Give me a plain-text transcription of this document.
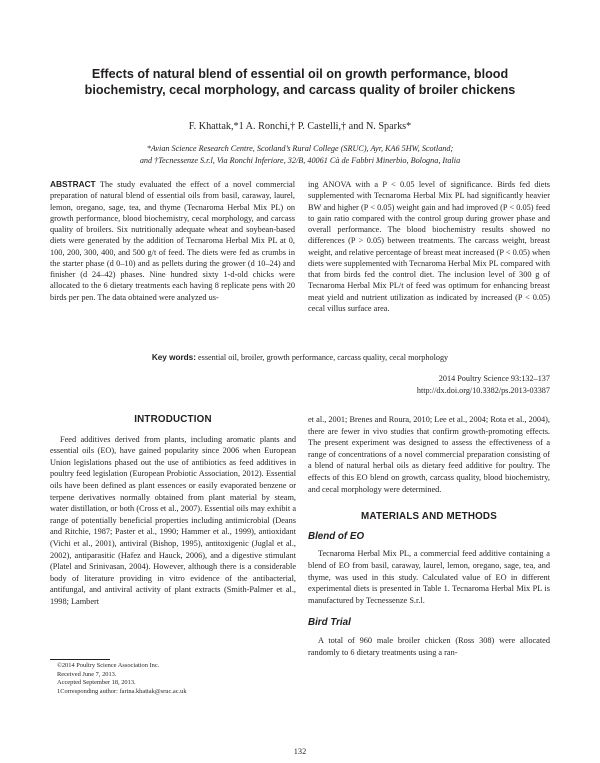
Effects of natural blend of essential oil on growth performance, blood
biochemistry, cecal morphology, and carcass quality of broiler chickens
F. Khattak,*1 A. Ronchi,† P. Castelli,† and N. Sparks*
*Avian Science Research Centre, Scotland’s Rural College (SRUC), Ayr, KA6 5HW, Scotland;
and †Tecnessenze S.r.l, Via Ronchi Inferiore, 32/B, 40061 Cà de Fabbri Minerbio, Bologna, Italia
ABSTRACT The study evaluated the effect of a novel commercial preparation of natural blend of essential oils from basil, caraway, laurel, lemon, oregano, sage, tea, and thyme (Tecnaroma Herbal Mix PL) on growth performance, blood biochemistry, cecal morphology, and carcass quality of broilers. Six nutritionally adequate wheat and soybean-based diets were generated by the addition of Tecnaroma Herbal Mix PL at 0, 100, 200, 300, 400, and 500 g/t of feed. The diets were fed as crumbs in the starter phase (d 0–10) and as pellets during the grower (d 10–24) and finisher (d 24–42) phases. Nine hundred sixty 1-d-old chicks were allocated to the 6 dietary treatments each having 8 replicate pens with 20 birds per pen. The data obtained were analyzed us-
ing ANOVA with a P < 0.05 level of significance. Birds fed diets supplemented with Tecnaroma Herbal Mix PL had significantly heavier BW and higher (P < 0.05) weight gain and had improved (P < 0.05) feed to gain ratio compared with the control group during grower phase and overall performance. The blood biochemistry results showed no differences (P > 0.05) between treatments. The carcass weight, breast weight, and relative percentage of breast meat increased (P < 0.05) when diets were supplemented with Tecnaroma Herbal Mix PL compared with that from birds fed the control diet. The inclusion level of 300 g of Tecnaroma Herbal Mix PL/t of feed was optimum for enhancing breast meat yield and nutrient utilization as indicated by increased (P < 0.05) cecal villus surface area.
Key words: essential oil, broiler, growth performance, carcass quality, cecal morphology
2014 Poultry Science 93:132–137
http://dx.doi.org/10.3382/ps.2013-03387
INTRODUCTION

Feed additives derived from plants, including aromatic plants and essential oils (EO), have gained popularity since 2006 when European Union legislations phased out the use of antibiotics as feed additives in poultry feed legislation (European Probiotic Association, 2012). Essential oils have been defined as plant essences or easily evaporated benzene or terpene derivatives normally obtained from plant material by steam, water distillation, or both (Cross et al., 2007). Essential oils may exhibit a range of potentially beneficial properties including antimicrobial (Deans and Ritchie, 1987; Paster et al., 1990; Hammer et al., 1999), antioxidant (Vichi et al., 2001), antiviral (Bishop, 1995), antitoxigenic (Juglal et al., 2002), antiparasitic (Hafez and Hauck, 2006), and a digestive stimulant (Platel and Srinivasan, 2004). However, although there is a considerable body of literature providing in vitro evidence of the antibacterial, antifungal, and antiviral activity of plant extracts (Smith-Palmer et al., 1998; Lambert

et al., 2001; Brenes and Roura, 2010; Lee et al., 2004; Rota et al., 2004), there are fewer in vivo studies that confirm growth-promoting effects. The present experiment was designed to assess the effectiveness of a range of concentrations of a novel commercial preparation consisting of a blend of natural herbal oils as dietary feed additive for poultry. The effects of this EO blend on growth, carcass quality, blood biochemistry, and cecal morphology were determined.

MATERIALS AND METHODS
Blend of EO

Tecnaroma Herbal Mix PL, a commercial feed additive containing a blend of EO from basil, caraway, laurel, lemon, oregano, sage, tea, and thyme, was used in this study. Calculated value of EO in different experimental diets is presented in Table 1. Tecnaroma Herbal Mix PL is manufactured by Tecnessenze S.r.l.

Bird Trial

A total of 960 male broiler chicken (Ross 308) were allocated randomly to 6 dietary treatments using a ran-

©2014 Poultry Science Association Inc.
Received June 7, 2013.
Accepted September 18, 2013.
1Corresponding author: farina.khattak@sruc.ac.uk
132
